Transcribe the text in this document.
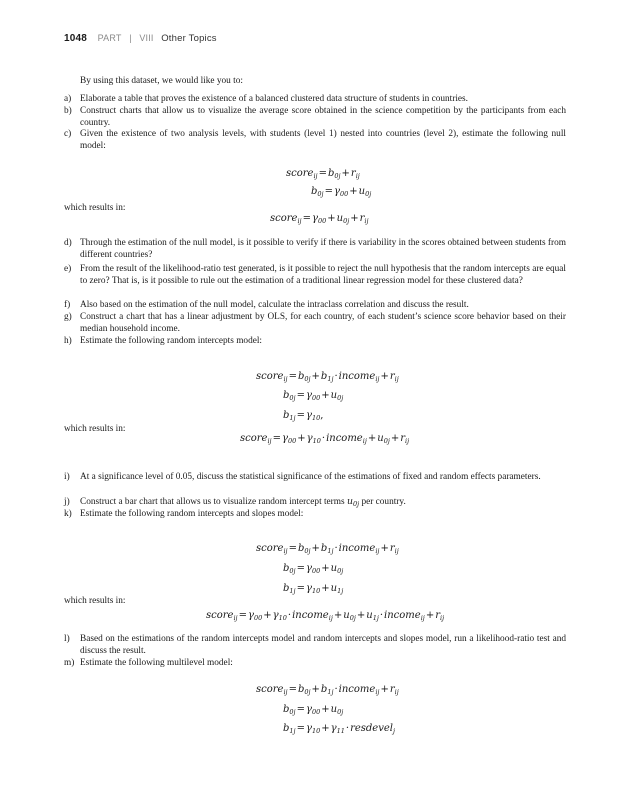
1048 PART | VIII Other Topics
By using this dataset, we would like you to:
a) Elaborate a table that proves the existence of a balanced clustered data structure of students in countries.
b) Construct charts that allow us to visualize the average score obtained in the science competition by the participants from each country.
c) Given the existence of two analysis levels, with students (level 1) nested into countries (level 2), estimate the following null model:
$score_{ij}=b_{0j}+r_{ij}$
$b_{0j}=\gamma_{00}+u_{0j}$
which results in:
$score_{ij}=\gamma_{00}+u_{0j}+r_{ij}$
d) Through the estimation of the null model, is it possible to verify if there is variability in the scores obtained between students from different countries?
e) From the result of the likelihood-ratio test generated, is it possible to reject the null hypothesis that the random intercepts are equal to zero? That is, is it possible to rule out the estimation of a traditional linear regression model for these clustered data?
f) Also based on the estimation of the null model, calculate the intraclass correlation and discuss the result.
g) Construct a chart that has a linear adjustment by OLS, for each country, of each student’s science score behavior based on their median household income.
h) Estimate the following random intercepts model:
$score_{ij}=b_{0j}+b_{1j}\cdot income_{ij}+r_{ij}$
$b_{0j}=\gamma_{00}+u_{0j}$
$b_{1j}=\gamma_{10}$,
which results in:
$score_{ij}=\gamma_{00}+\gamma_{10}\cdot income_{ij}+u_{0j}+r_{ij}$
i) At a significance level of 0.05, discuss the statistical significance of the estimations of fixed and random effects parameters.
j) Construct a bar chart that allows us to visualize random intercept terms $u_{0j}$ per country.
k) Estimate the following random intercepts and slopes model:
$score_{ij}=b_{0j}+b_{1j}\cdot income_{ij}+r_{ij}$
$b_{0j}=\gamma_{00}+u_{0j}$
$b_{1j}=\gamma_{10}+u_{1j}$
which results in:
$score_{ij}=\gamma_{00}+\gamma_{10}\cdot income_{ij}+u_{0j}+u_{1j}\cdot income_{ij}+r_{ij}$
l) Based on the estimations of the random intercepts model and random intercepts and slopes model, run a likelihood-ratio test and discuss the result.
m) Estimate the following multilevel model:
$score_{ij}=b_{0j}+b_{1j}\cdot income_{ij}+r_{ij}$
$b_{0j}=\gamma_{00}+u_{0j}$
$b_{1j}=\gamma_{10}+\gamma_{11}\cdot resdevel_j$
